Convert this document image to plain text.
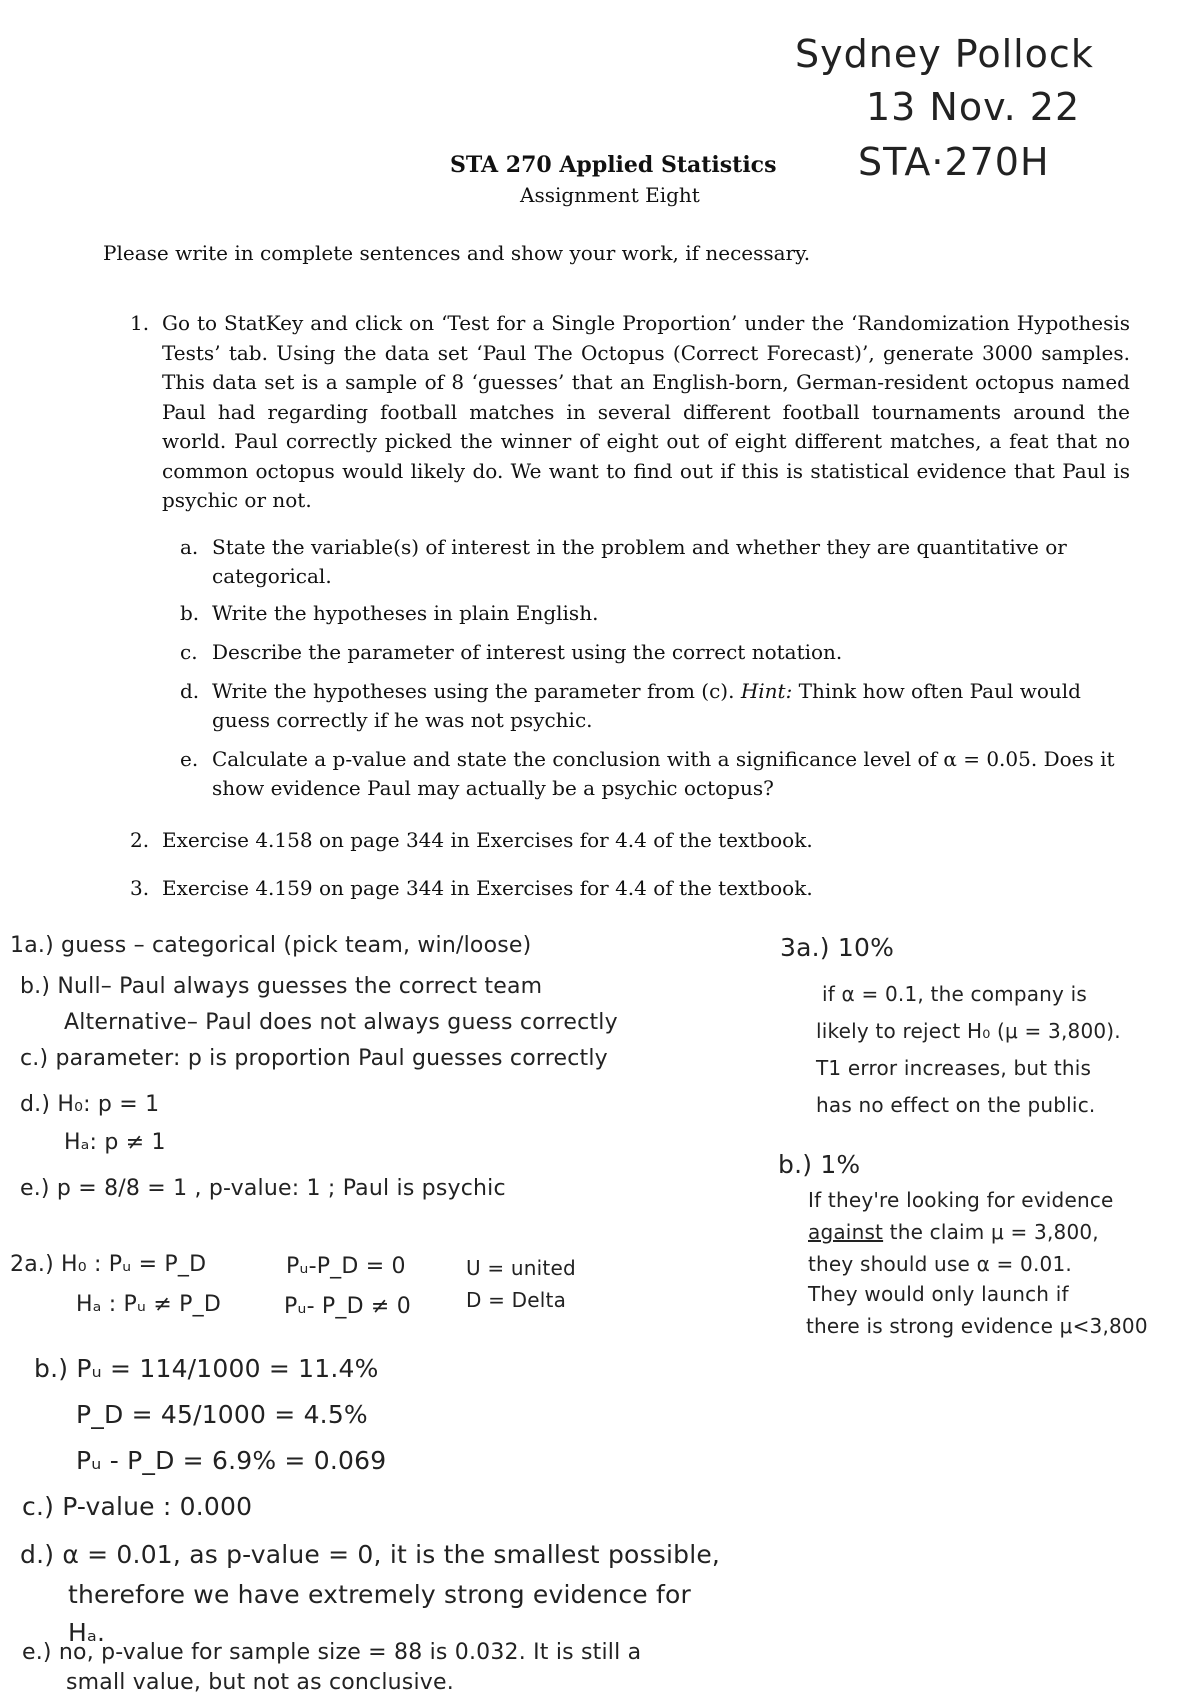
Sydney Pollock
13 Nov. 22
STA·270H
STA 270 Applied Statistics
Assignment Eight
Please write in complete sentences and show your work, if necessary.
1. Go to StatKey and click on ‘Test for a Single Proportion’ under the ‘Randomization Hypothesis Tests’ tab. Using the data set ‘Paul The Octopus (Correct Forecast)’, generate 3000 samples. This data set is a sample of 8 ‘guesses’ that an English-born, German-resident octopus named Paul had regarding football matches in several different football tournaments around the world. Paul correctly picked the winner of eight out of eight different matches, a feat that no common octopus would likely do. We want to find out if this is statistical evidence that Paul is psychic or not.
a. State the variable(s) of interest in the problem and whether they are quantitative or categorical.
b. Write the hypotheses in plain English.
c. Describe the parameter of interest using the correct notation.
d. Write the hypotheses using the parameter from (c). Hint: Think how often Paul would guess correctly if he was not psychic.
e. Calculate a p-value and state the conclusion with a significance level of α = 0.05. Does it show evidence Paul may actually be a psychic octopus?
2. Exercise 4.158 on page 344 in Exercises for 4.4 of the textbook.
3. Exercise 4.159 on page 344 in Exercises for 4.4 of the textbook.
1a.) guess – categorical (pick team, win/loose)
b.) Null– Paul always guesses the correct team
Alternative– Paul does not always guess correctly
c.) parameter: p is proportion Paul guesses correctly
d.) H₀: p = 1
Hₐ: p ≠ 1
e.) p = 8/8 = 1 , p-value: 1 ; Paul is psychic
2a.) H₀ : Pᵤ = P_D	Pᵤ-P_D = 0	U = united
Hₐ : Pᵤ ≠ P_D	Pᵤ- P_D ≠ 0	D = Delta
b.) Pᵤ = 114/1000 = 11.4%
P_D = 45/1000 = 4.5%
Pᵤ - P_D = 6.9% = 0.069
c.) P-value : 0.000
d.) α = 0.01, as p-value = 0, it is the smallest possible,
therefore we have extremely strong evidence for
Hₐ.
e.) no, p-value for sample size = 88 is 0.032. It is still a
small value, but not as conclusive.
3a.) 10%
if α = 0.1, the company is
likely to reject H₀ (μ = 3,800).
T1 error increases, but this
has no effect on the public.
b.) 1%
If they're looking for evidence
against the claim μ = 3,800,
they should use α = 0.01.
They would only launch if
there is strong evidence μ<3,800
